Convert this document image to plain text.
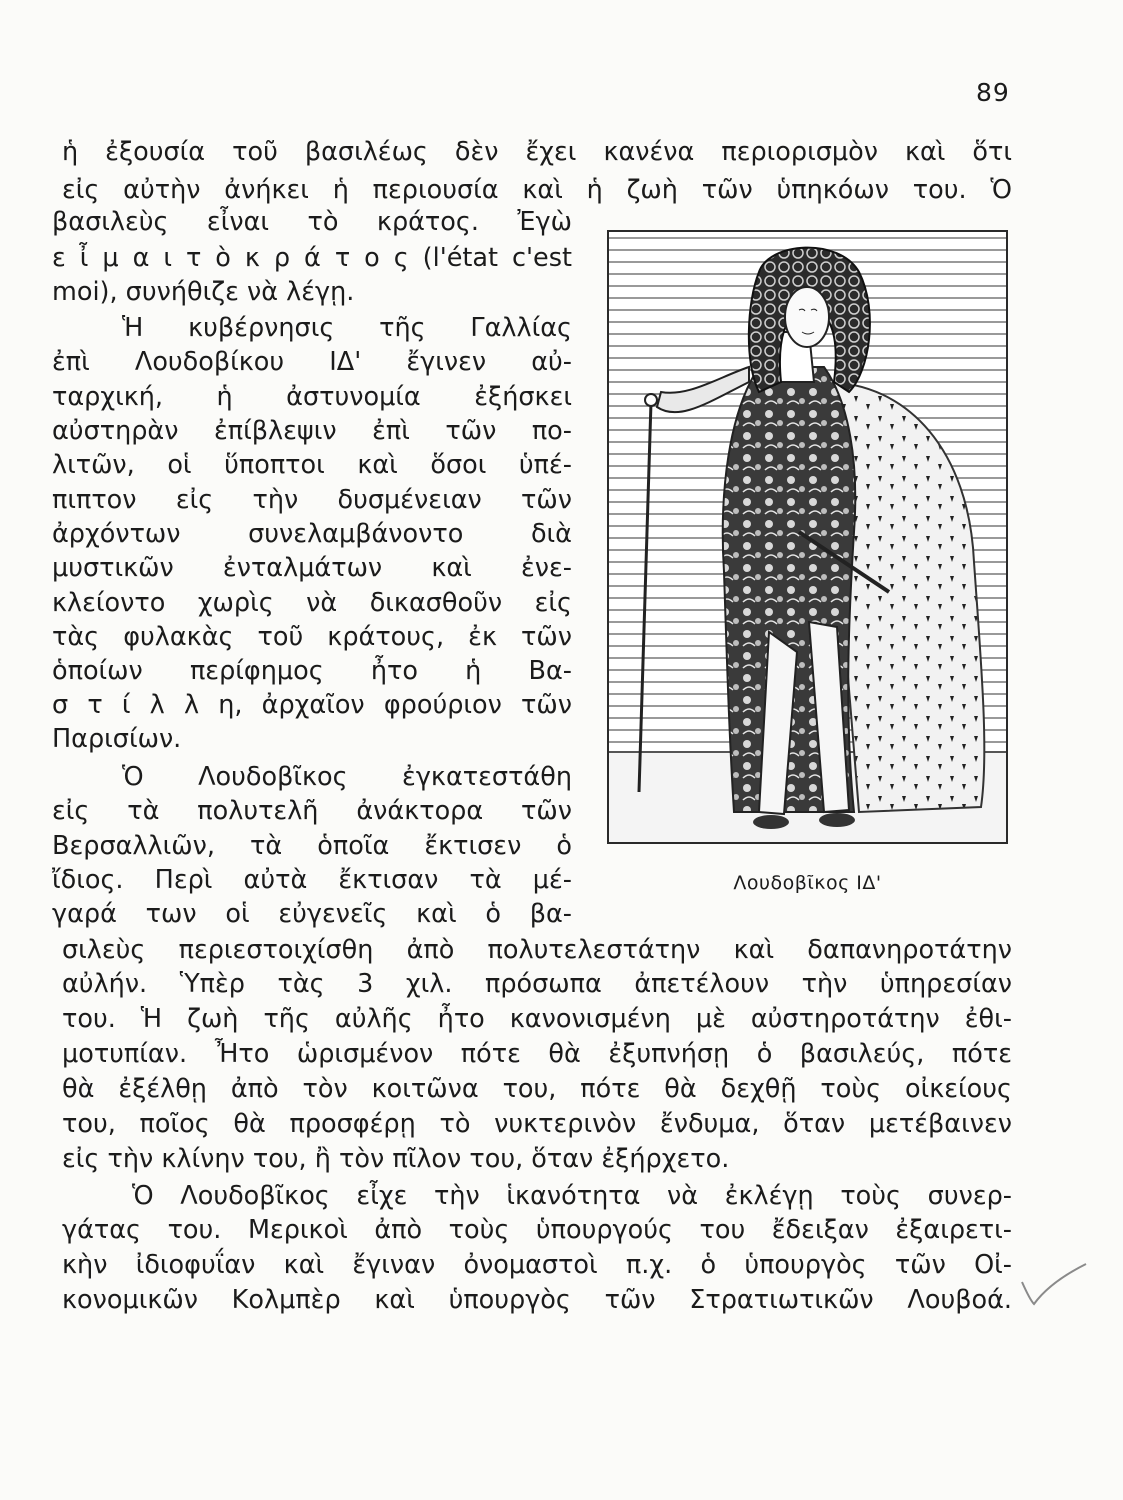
89
ἡ ἐξουσία τοῦ βασιλέως δὲν ἔχει κανένα περιορισμὸν καὶ ὅτι
εἰς αὐτὴν ἀνήκει ἡ περιουσία καὶ ἡ ζωὴ τῶν ὑπηκόων του. Ὁ
βασιλεὺς εἶναι τὸ κράτος. Ἐγὼ
ε ἶ μ α ι τ ὸ κ ρ ά τ ο ς (l'état c'est
moi), συνήθιζε νὰ λέγῃ.
Ἡ κυβέρνησις τῆς Γαλλίας
ἐπὶ Λουδοβίκου ΙΔ' ἔγινεν αὐ-
ταρχική, ἡ ἀστυνομία ἐξήσκει
αὐστηρὰν ἐπίβλεψιν ἐπὶ τῶν πο-
λιτῶν, οἱ ὕποπτοι καὶ ὅσοι ὑπέ-
πιπτον εἰς τὴν δυσμένειαν τῶν
ἀρχόντων συνελαμβάνοντο διὰ
μυστικῶν ἐνταλμάτων καὶ ἐνε-
κλείοντο χωρὶς νὰ δικασθοῦν εἰς
τὰς φυλακὰς τοῦ κράτους, ἐκ τῶν
ὁποίων περίφημος ἦτο ἡ Βα-
σ τ ί λ λ η, ἀρχαῖον φρούριον τῶν
Παρισίων.
Ὁ Λουδοβῖκος ἐγκατεστάθη
εἰς τὰ πολυτελῆ ἀνάκτορα τῶν
Βερσαλλιῶν, τὰ ὁποῖα ἔκτισεν ὁ
ἴδιος. Περὶ αὐτὰ ἔκτισαν τὰ μέ-
γαρά των οἱ εὐγενεῖς καὶ ὁ βα-
Λουδοβῖκος ΙΔ'
σιλεὺς περιεστοιχίσθη ἀπὸ πολυτελεστάτην καὶ δαπανηροτάτην
αὐλήν. Ὑπὲρ τὰς 3 χιλ. πρόσωπα ἀπετέλουν τὴν ὑπηρεσίαν
του. Ἡ ζωὴ τῆς αὐλῆς ἦτο κανονισμένη μὲ αὐστηροτάτην ἐθι-
μοτυπίαν. Ἦτο ὡρισμένον πότε θὰ ἐξυπνήσῃ ὁ βασιλεύς, πότε
θὰ ἐξέλθῃ ἀπὸ τὸν κοιτῶνα του, πότε θὰ δεχθῇ τοὺς οἰκείους
του, ποῖος θὰ προσφέρῃ τὸ νυκτερινὸν ἔνδυμα, ὅταν μετέβαινεν
εἰς τὴν κλίνην του, ἢ τὸν πῖλον του, ὅταν ἐξήρχετο.
Ὁ Λουδοβῖκος εἶχε τὴν ἱκανότητα νὰ ἐκλέγῃ τοὺς συνερ-
γάτας του. Μερικοὶ ἀπὸ τοὺς ὑπουργούς του ἔδειξαν ἐξαιρετι-
κὴν ἰδιοφυΐαν καὶ ἔγιναν ὀνομαστοὶ π.χ. ὁ ὑπουργὸς τῶν Οἰ-
κονομικῶν Κολμπὲρ καὶ ὑπουργὸς τῶν Στρατιωτικῶν Λουβοά.
